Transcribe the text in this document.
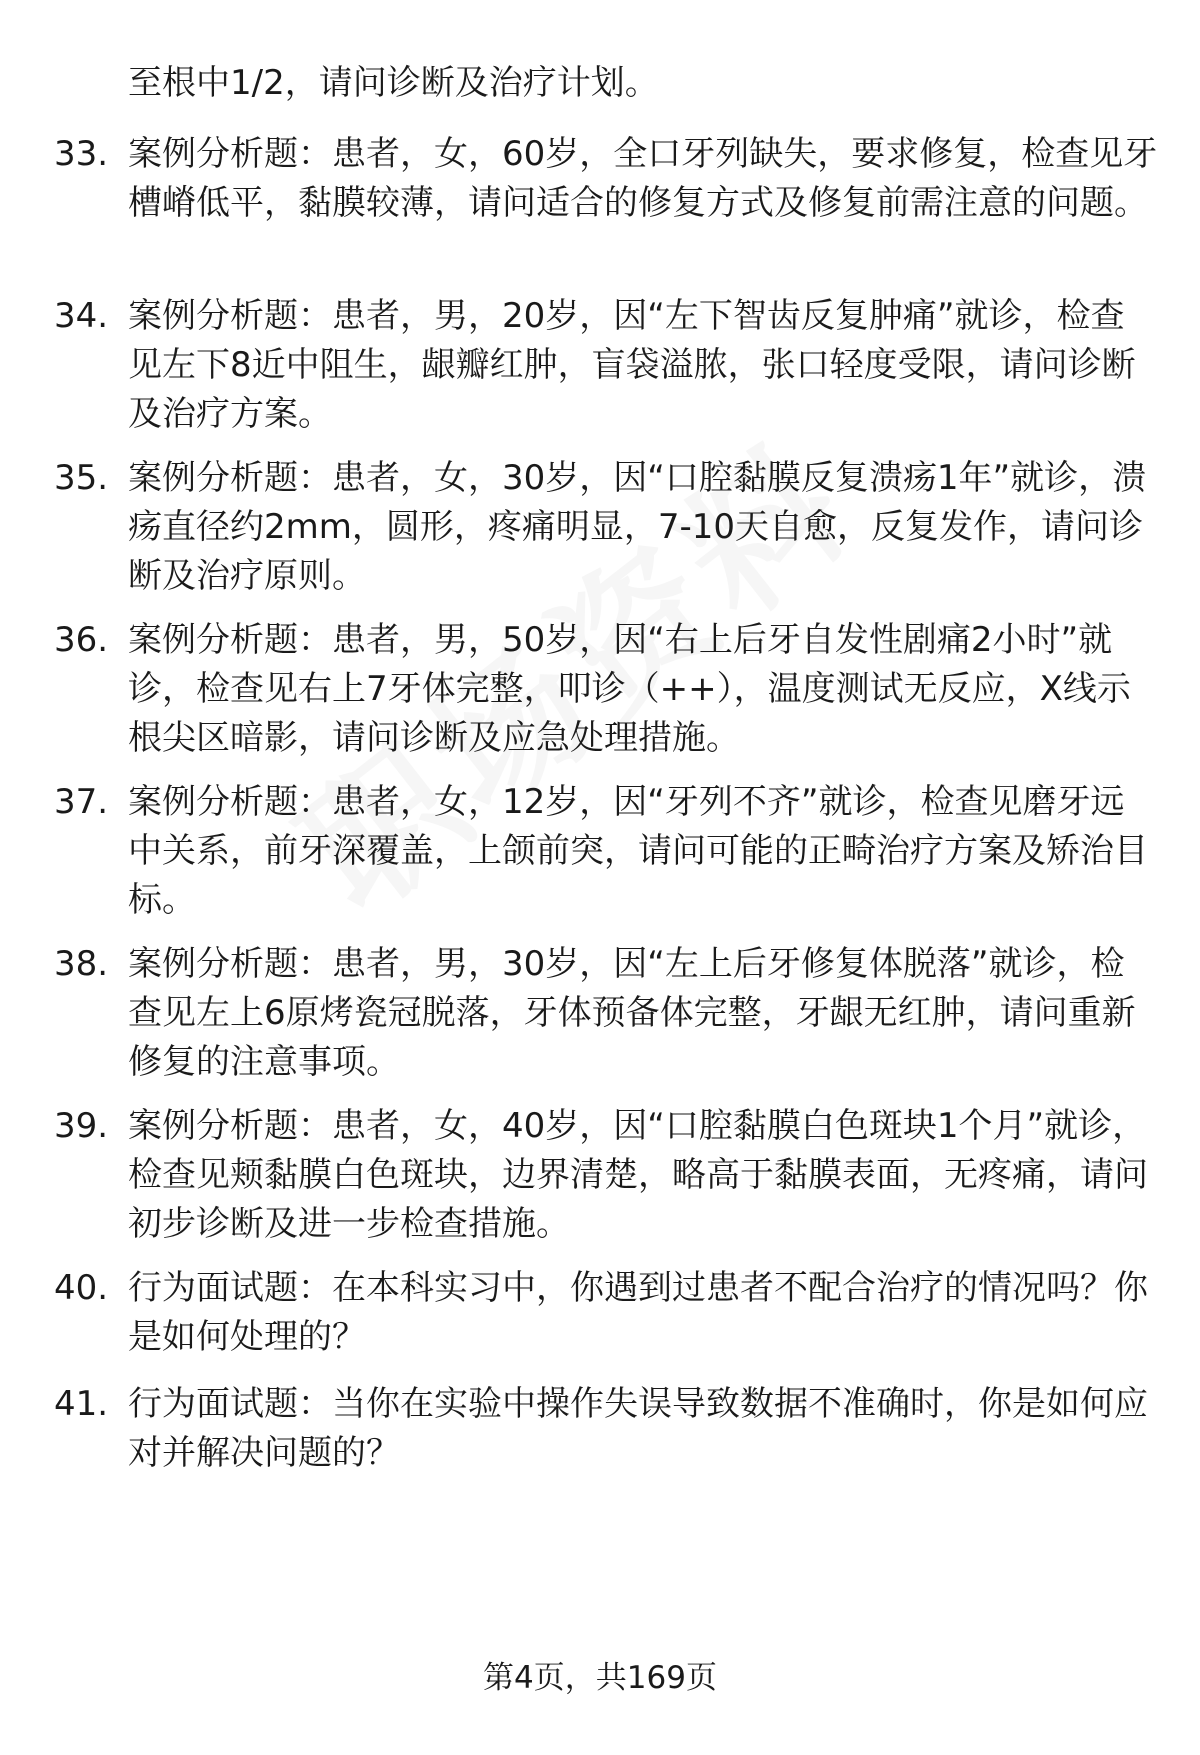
至根中1/2，请问诊断及治疗计划。
33. 案例分析题：患者，女，60岁，全口牙列缺失，要求修复，检查见牙槽嵴低平，黏膜较薄，请问适合的修复方式及修复前需注意的问题。
34. 案例分析题：患者，男，20岁，因“左下智齿反复肿痛”就诊，检查见左下8近中阻生，龈瓣红肿，盲袋溢脓，张口轻度受限，请问诊断及治疗方案。
35. 案例分析题：患者，女，30岁，因“口腔黏膜反复溃疡1年”就诊，溃疡直径约2mm，圆形，疼痛明显，7-10天自愈，反复发作，请问诊断及治疗原则。
36. 案例分析题：患者，男，50岁，因“右上后牙自发性剧痛2小时”就诊，检查见右上7牙体完整，叩诊（++），温度测试无反应，X线示根尖区暗影，请问诊断及应急处理措施。
37. 案例分析题：患者，女，12岁，因“牙列不齐”就诊，检查见磨牙远中关系，前牙深覆盖，上颌前突，请问可能的正畸治疗方案及矫治目标。
38. 案例分析题：患者，男，30岁，因“左上后牙修复体脱落”就诊，检查见左上6原烤瓷冠脱落，牙体预备体完整，牙龈无红肿，请问重新修复的注意事项。
39. 案例分析题：患者，女，40岁，因“口腔黏膜白色斑块1个月”就诊，检查见颊黏膜白色斑块，边界清楚，略高于黏膜表面，无疼痛，请问初步诊断及进一步检查措施。
40. 行为面试题：在本科实习中，你遇到过患者不配合治疗的情况吗？你是如何处理的？
41. 行为面试题：当你在实验中操作失误导致数据不准确时，你是如何应对并解决问题的？
第4页，共169页
